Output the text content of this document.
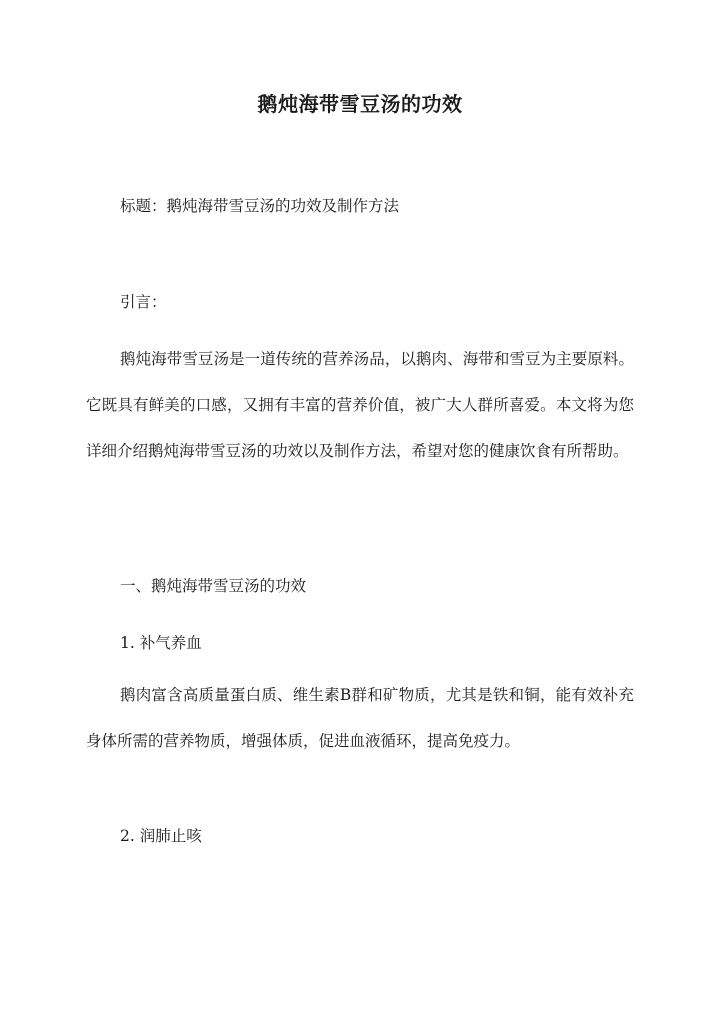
鹅炖海带雪豆汤的功效
标题：鹅炖海带雪豆汤的功效及制作方法
引言：
鹅炖海带雪豆汤是一道传统的营养汤品，以鹅肉、海带和雪豆为主要原料。它既具有鲜美的口感，又拥有丰富的营养价值，被广大人群所喜爱。本文将为您详细介绍鹅炖海带雪豆汤的功效以及制作方法，希望对您的健康饮食有所帮助。
一、鹅炖海带雪豆汤的功效
1. 补气养血
鹅肉富含高质量蛋白质、维生素B群和矿物质，尤其是铁和铜，能有效补充身体所需的营养物质，增强体质，促进血液循环，提高免疫力。
2. 润肺止咳
